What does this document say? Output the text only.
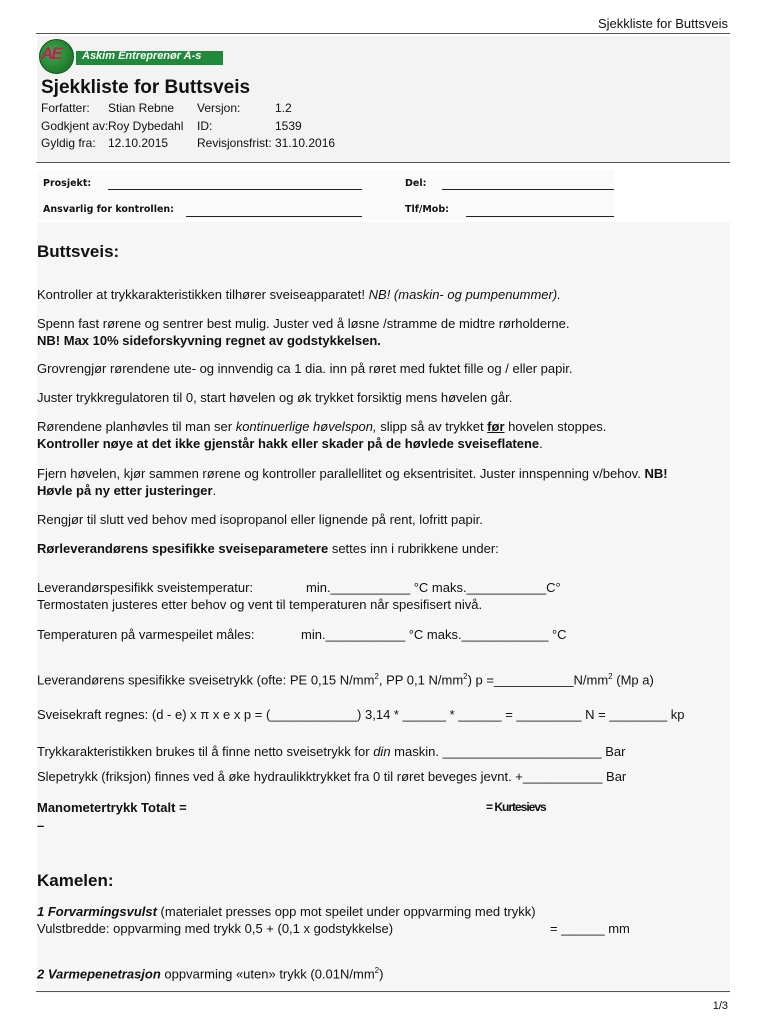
Sjekkliste for Buttsveis
AE Askim Entreprenør A-s
Sjekkliste for Buttsveis
Forfatter: Stian Rebne Versjon:	1.2
Godkjent av: Roy Dybedahl ID:	1539
Gyldig fra: 12.10.2015 Revisjonsfrist: 31.10.2016
Prosjekt:	Del:
Ansvarlig for kontrollen:	Tlf/Mob:
Buttsveis:
Kontroller at trykkarakteristikken tilhører sveiseapparatet! NB! (maskin- og pumpenummer).
Spenn fast rørene og sentrer best mulig. Juster ved å løsne /stramme de midtre rørholderne.
NB! Max 10% sideforskyvning regnet av godstykkelsen.
Grovrengjør rørendene ute- og innvendig ca 1 dia. inn på røret med fuktet fille og / eller papir.
Juster trykkregulatoren til 0, start høvelen og øk trykket forsiktig mens høvelen går.
Rørendene planhøvles til man ser kontinuerlige høvelspon, slipp så av trykket før hovelen stoppes.
Kontroller nøye at det ikke gjenstår hakk eller skader på de høvlede sveiseflatene.
Fjern høvelen, kjør sammen rørene og kontroller parallellitet og eksentrisitet. Juster innspenning v/behov. NB!
Høvle på ny etter justeringer.
Rengjør til slutt ved behov med isopropanol eller lignende på rent, lofritt papir.
Rørleverandørens spesifikke sveiseparametere settes inn i rubrikkene under:
Leverandørspesifikk sveistemperatur:	min.___________ °C maks.___________C°
Termostaten justeres etter behov og vent til temperaturen når spesifisert nivå.
Temperaturen på varmespeilet måles:	min.___________ °C maks.____________ °C
Leverandørens spesifikke sveisetrykk (ofte: PE 0,15 $N/mm^2$, PP 0,1 $N/mm^2$) $p =\_\_\_\_\_\_\_\_\_\_\_N/mm^2$ (Mp a)
Sveisekraft regnes: (d - e) x π x e x p = (____________) 3,14 * ______ * ______ = _________ N = ________ kp
Trykkarakteristikken brukes til å finne netto sveisetrykk for din maskin. ______________________ Bar
Slepetrykk (friksjon) finnes ved å øke hydraulikktrykket fra 0 til røret beveges jevnt. +___________ Bar
Manometertrykk Totalt =	= Kurtesievs
–
Kamelen:
1 Forvarmingsvulst (materialet presses opp mot speilet under oppvarming med trykk)
Vulstbredde: oppvarming med trykk 0,5 + (0,1 x godstykkelse)	= ______ mm
2 Varmepenetrasjon oppvarming «uten» trykk $(0.01N/mm^2)$
1/3
